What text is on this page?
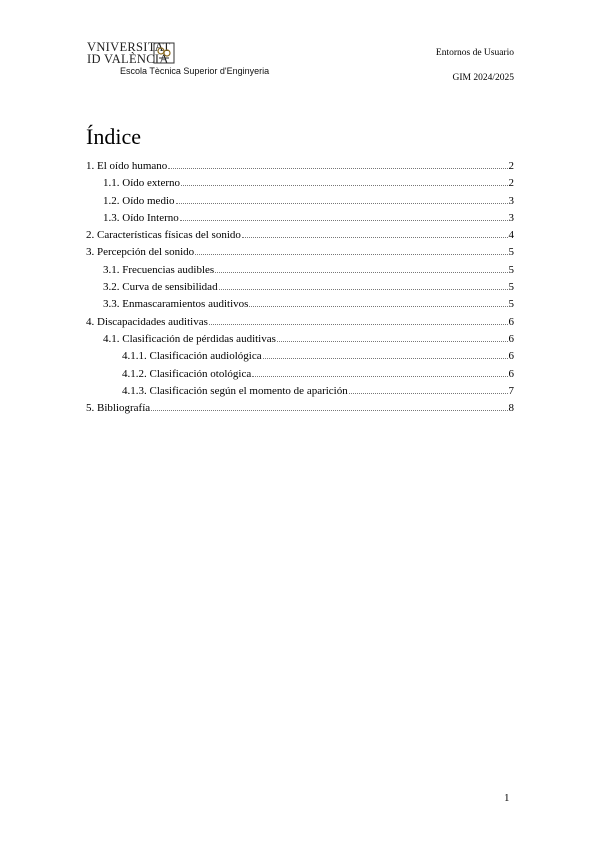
VNIVERSITAT
ID VALÈNCIA
Escola Tècnica Superior d'Enginyeria
Entornos de Usuario
GIM 2024/2025
Índice
1. El oído humano	2
1.1. Oído externo	2
1.2. Oído medio	3
1.3. Oído Interno	3
2. Características físicas del sonido	4
3. Percepción del sonido	5
3.1. Frecuencias audibles	5
3.2. Curva de sensibilidad	5
3.3. Enmascaramientos auditivos	5
4. Discapacidades auditivas	6
4.1. Clasificación de pérdidas auditivas	6
4.1.1. Clasificación audiológica	6
4.1.2. Clasificación otológica	6
4.1.3. Clasificación según el momento de aparición	7
5. Bibliografía	8
1
